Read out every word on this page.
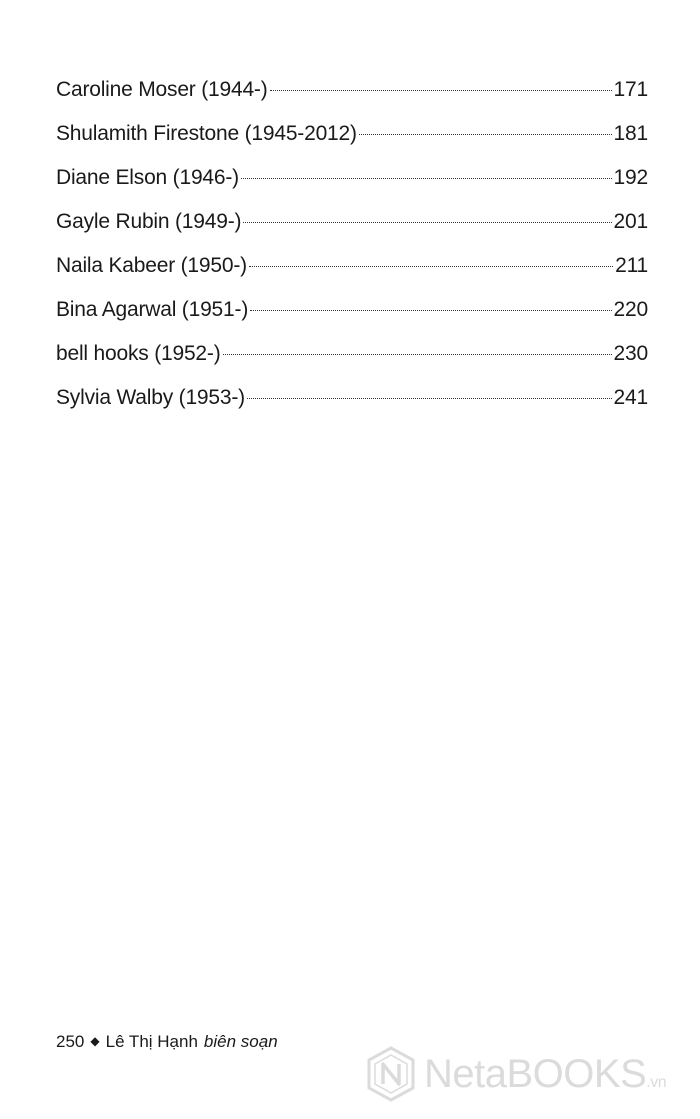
Caroline Moser (1944-)	171
Shulamith Firestone (1945-2012)	181
Diane Elson (1946-)	192
Gayle Rubin (1949-)	201
Naila Kabeer (1950-)	211
Bina Agarwal (1951-)	220
bell hooks (1952-)	230
Sylvia Walby (1953-)	241
250 ◆ Lê Thị Hạnh biên soạn
NetaBOOKS.vn
